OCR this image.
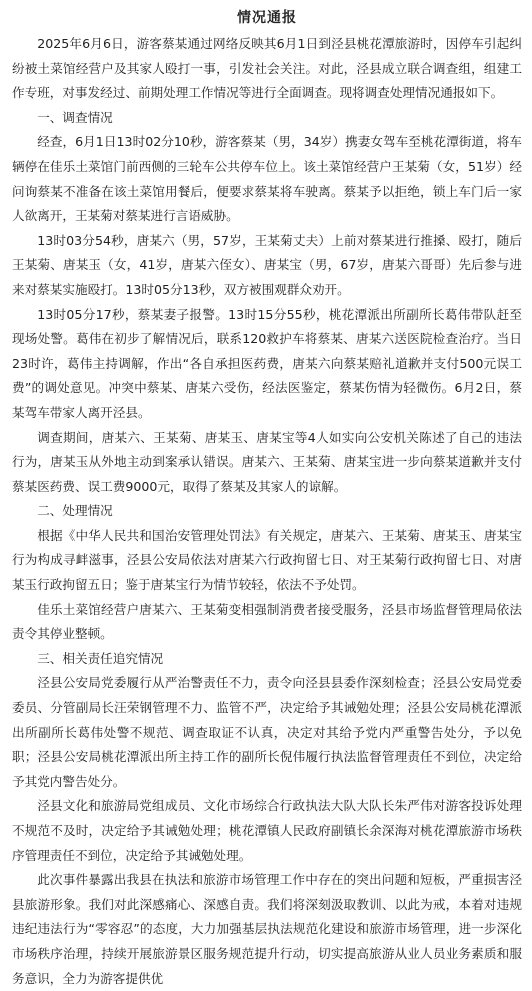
情况通报

2025年6月6日，游客蔡某通过网络反映其6月1日到泾县桃花潭旅游时，因停车引起纠纷被土菜馆经营户及其家人殴打一事，引发社会关注。对此，泾县成立联合调查组，组建工作专班，对事发经过、前期处理工作情况等进行全面调查。现将调查处理情况通报如下。

一、调查情况

经查，6月1日13时02分10秒，游客蔡某（男，34岁）携妻女驾车至桃花潭街道，将车辆停在佳乐土菜馆门前西侧的三轮车公共停车位上。该土菜馆经营户王某菊（女，51岁）经问询蔡某不准备在该土菜馆用餐后，便要求蔡某将车驶离。蔡某予以拒绝，锁上车门后一家人欲离开，王某菊对蔡某进行言语威胁。

13时03分54秒，唐某六（男，57岁，王某菊丈夫）上前对蔡某进行推搡、殴打，随后王某菊、唐某玉（女，41岁，唐某六侄女）、唐某宝（男，67岁，唐某六哥哥）先后参与进来对蔡某实施殴打。13时05分13秒，双方被围观群众劝开。

13时05分17秒，蔡某妻子报警。13时15分55秒，桃花潭派出所副所长葛伟带队赶至现场处警。葛伟在初步了解情况后，联系120救护车将蔡某、唐某六送医院检查治疗。当日23时许，葛伟主持调解，作出“各自承担医药费，唐某六向蔡某赔礼道歉并支付500元误工费”的调处意见。冲突中蔡某、唐某六受伤，经法医鉴定，蔡某伤情为轻微伤。6月2日，蔡某驾车带家人离开泾县。

调查期间，唐某六、王某菊、唐某玉、唐某宝等4人如实向公安机关陈述了自己的违法行为，唐某玉从外地主动到案承认错误。唐某六、王某菊、唐某宝进一步向蔡某道歉并支付蔡某医药费、误工费9000元，取得了蔡某及其家人的谅解。

二、处理情况

根据《中华人民共和国治安管理处罚法》有关规定，唐某六、王某菊、唐某玉、唐某宝行为构成寻衅滋事，泾县公安局依法对唐某六行政拘留七日、对王某菊行政拘留七日、对唐某玉行政拘留五日；鉴于唐某宝行为情节较轻，依法不予处罚。

佳乐土菜馆经营户唐某六、王某菊变相强制消费者接受服务，泾县市场监督管理局依法责令其停业整顿。

三、相关责任追究情况

泾县公安局党委履行从严治警责任不力，责令向泾县县委作深刻检查；泾县公安局党委委员、分管副局长汪荣钢管理不力、监管不严，决定给予其诫勉处理；泾县公安局桃花潭派出所副所长葛伟处警不规范、调查取证不认真，决定对其给予党内严重警告处分，予以免职；泾县公安局桃花潭派出所主持工作的副所长倪伟履行执法监督管理责任不到位，决定给予其党内警告处分。

泾县文化和旅游局党组成员、文化市场综合行政执法大队大队长朱严伟对游客投诉处理不规范不及时，决定给予其诫勉处理；桃花潭镇人民政府副镇长余深海对桃花潭旅游市场秩序管理责任不到位，决定给予其诫勉处理。

此次事件暴露出我县在执法和旅游市场管理工作中存在的突出问题和短板，严重损害泾县旅游形象。我们对此深感痛心、深感自责。我们将深刻汲取教训、以此为戒，本着对违规违纪违法行为“零容忍”的态度，大力加强基层执法规范化建设和旅游市场管理，进一步深化市场秩序治理，持续开展旅游景区服务规范提升行动，切实提高旅游从业人员业务素质和服务意识，全力为游客提供优
